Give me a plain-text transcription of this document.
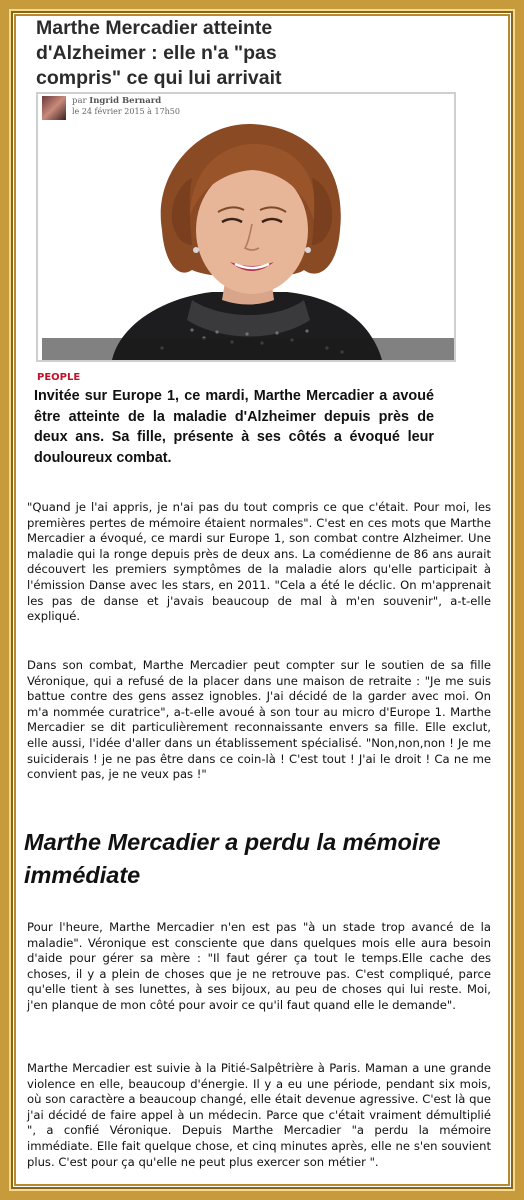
Marthe Mercadier atteinte d'Alzheimer : elle n'a "pas compris" ce qui lui arrivait
par Ingrid Bernard
le 24 février 2015 à 17h50
PEOPLE

Invitée sur Europe 1, ce mardi, Marthe Mercadier a avoué être atteinte de la maladie d'Alzheimer depuis près de deux ans. Sa fille, présente à ses côtés a évoqué leur douloureux combat.

"Quand je l'ai appris, je n'ai pas du tout compris ce que c'était. Pour moi, les premières pertes de mémoire étaient normales". C'est en ces mots que Marthe Mercadier a évoqué, ce mardi sur Europe 1, son combat contre Alzheimer. Une maladie qui la ronge depuis près de deux ans. La comédienne de 86 ans aurait découvert les premiers symptômes de la maladie alors qu'elle participait à l'émission Danse avec les stars, en 2011. "Cela a été le déclic. On m'apprenait les pas de danse et j'avais beaucoup de mal à m'en souvenir", a-t-elle expliqué.

Dans son combat, Marthe Mercadier peut compter sur le soutien de sa fille Véronique, qui a refusé de la placer dans une maison de retraite : "Je me suis battue contre des gens assez ignobles. J'ai décidé de la garder avec moi. On m'a nommée curatrice", a-t-elle avoué à son tour au micro d'Europe 1. Marthe Mercadier se dit particulièrement reconnaissante envers sa fille. Elle exclut, elle aussi, l'idée d'aller dans un établissement spécialisé. "Non,non,non ! Je me suiciderais ! je ne pas être dans ce coin-là ! C'est tout ! J'ai le droit ! Ca ne me convient pas, je ne veux pas !"

Marthe Mercadier a perdu la mémoire immédiate

Pour l'heure, Marthe Mercadier n'en est pas "à un stade trop avancé de la maladie". Véronique est consciente que dans quelques mois elle aura besoin d'aide pour gérer sa mère : "Il faut gérer ça tout le temps.Elle cache des choses, il y a plein de choses que je ne retrouve pas. C'est compliqué, parce qu'elle tient à ses lunettes, à ses bijoux, au peu de choses qui lui reste. Moi, j'en planque de mon côté pour avoir ce qu'il faut quand elle le demande".

Marthe Mercadier est suivie à la Pitié-Salpêtrière à Paris. Maman a une grande violence en elle, beaucoup d'énergie. Il y a eu une période, pendant six mois, où son caractère a beaucoup changé, elle était devenue agressive. C'est là que j'ai décidé de faire appel à un médecin. Parce que c'était vraiment démultiplié ", a confié Véronique. Depuis Marthe Mercadier "a perdu la mémoire immédiate. Elle fait quelque chose, et cinq minutes après, elle ne s'en souvient plus. C'est pour ça qu'elle ne peut plus exercer son métier ".
